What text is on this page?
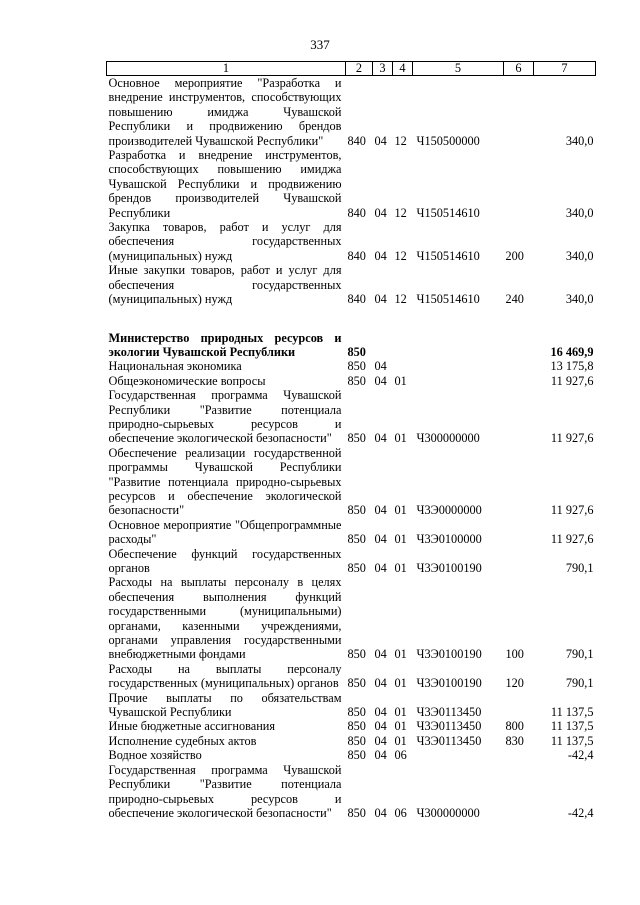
337
1	2	3	4	5	6	7
Основное мероприятие "Разработка и внедрение инструментов, способствующих повышению имиджа Чувашской Республики и продвижению брендов производителей Чувашской Республики"	840	04	12	Ч150500000		340,0
Разработка и внедрение инструментов, способствующих повышению имиджа Чувашской Республики и продвижению брендов производителей Чувашской Республики	840	04	12	Ч150514610		340,0
Закупка товаров, работ и услуг для обеспечения государственных (муниципальных) нужд	840	04	12	Ч150514610	200	340,0
Иные закупки товаров, работ и услуг для обеспечения государственных (муниципальных) нужд	840	04	12	Ч150514610	240	340,0

Министерство природных ресурсов и экологии Чувашской Республики	850					16 469,9
Национальная экономика	850	04				13 175,8
Общеэкономические вопросы	850	04	01			11 927,6
Государственная программа Чувашской Республики "Развитие потенциала природно-сырьевых ресурсов и обеспечение экологической безопасности"	850	04	01	Ч300000000		11 927,6
Обеспечение реализации государственной программы Чувашской Республики "Развитие потенциала природно-сырьевых ресурсов и обеспечение экологической безопасности"	850	04	01	Ч3Э0000000		11 927,6
Основное мероприятие "Общепрограммные расходы"	850	04	01	Ч3Э0100000		11 927,6
Обеспечение функций государственных органов	850	04	01	Ч3Э0100190		790,1
Расходы на выплаты персоналу в целях обеспечения выполнения функций государственными (муниципальными) органами, казенными учреждениями, органами управления государственными внебюджетными фондами	850	04	01	Ч3Э0100190	100	790,1
Расходы на выплаты персоналу государственных (муниципальных) органов	850	04	01	Ч3Э0100190	120	790,1
Прочие выплаты по обязательствам Чувашской Республики	850	04	01	Ч3Э0113450		11 137,5
Иные бюджетные ассигнования	850	04	01	Ч3Э0113450	800	11 137,5
Исполнение судебных актов	850	04	01	Ч3Э0113450	830	11 137,5
Водное хозяйство	850	04	06			-42,4
Государственная программа Чувашской Республики "Развитие потенциала природно-сырьевых ресурсов и обеспечение экологической безопасности"	850	04	06	Ч300000000		-42,4
